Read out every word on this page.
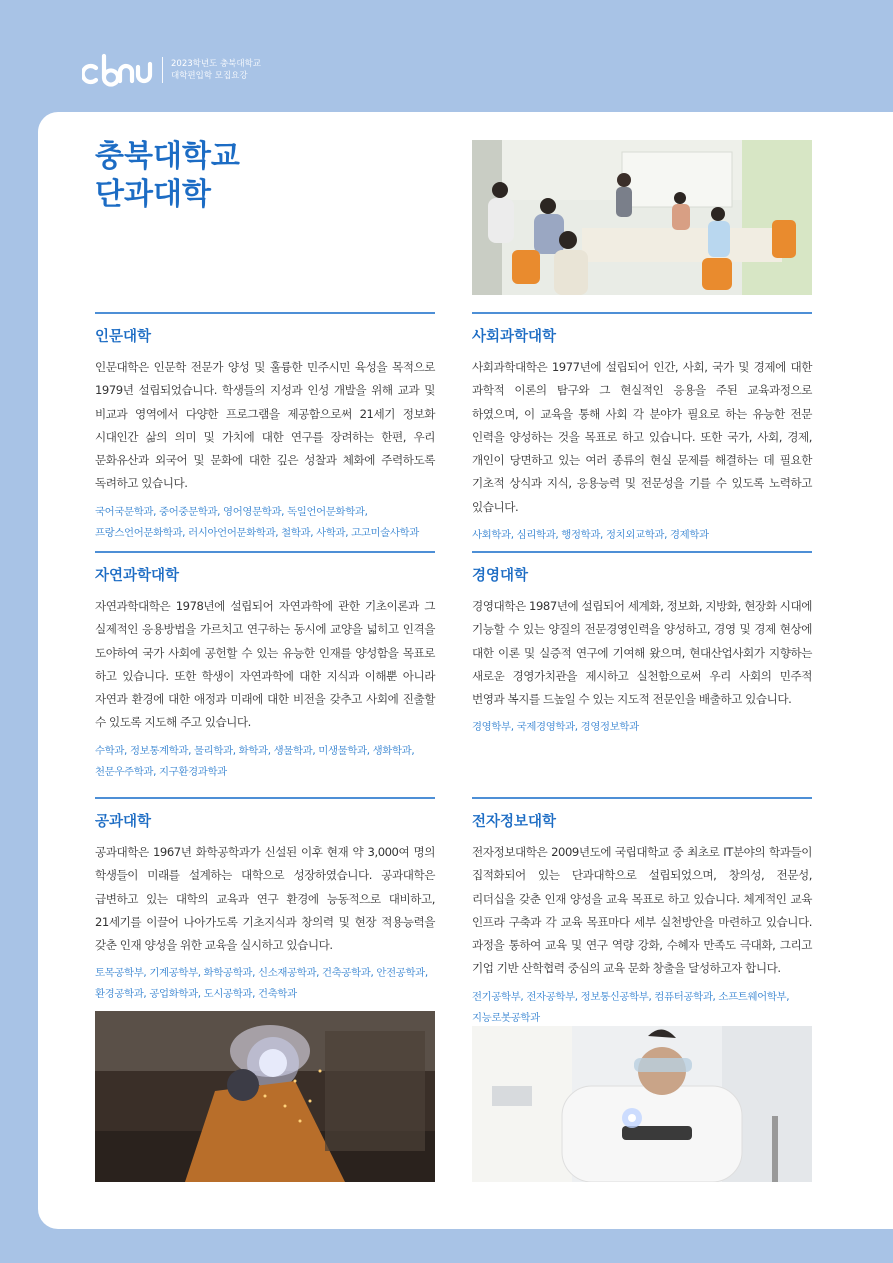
2023학년도 충북대학교
대학편입학 모집요강
충북대학교
단과대학
인문대학
인문대학은 인문학 전문가 양성 및 훌륭한 민주시민 육성을 목적으로 1979년 설립되었습니다. 학생들의 지성과 인성 개발을 위해 교과 및 비교과 영역에서 다양한 프로그램을 제공함으로써 21세기 정보화 시대인간 삶의 의미 및 가치에 대한 연구를 장려하는 한편, 우리 문화유산과 외국어 및 문화에 대한 깊은 성찰과 체화에 주력하도록 독려하고 있습니다.
국어국문학과, 중어중문학과, 영어영문학과, 독일언어문화학과,
프랑스언어문화학과, 러시아언어문화학과, 철학과, 사학과, 고고미술사학과
사회과학대학
사회과학대학은 1977년에 설립되어 인간, 사회, 국가 및 경제에 대한 과학적 이론의 탐구와 그 현실적인 응용을 주된 교육과정으로 하였으며, 이 교육을 통해 사회 각 분야가 필요로 하는 유능한 전문 인력을 양성하는 것을 목표로 하고 있습니다. 또한 국가, 사회, 경제, 개인이 당면하고 있는 여러 종류의 현실 문제를 해결하는 데 필요한 기초적 상식과 지식, 응용능력 및 전문성을 기를 수 있도록 노력하고 있습니다.
사회학과, 심리학과, 행정학과, 정치외교학과, 경제학과
자연과학대학
자연과학대학은 1978년에 설립되어 자연과학에 관한 기초이론과 그 실제적인 응용방법을 가르치고 연구하는 동시에 교양을 넓히고 인격을 도야하여 국가 사회에 공헌할 수 있는 유능한 인재를 양성함을 목표로 하고 있습니다. 또한 학생이 자연과학에 대한 지식과 이해뿐 아니라 자연과 환경에 대한 애정과 미래에 대한 비전을 갖추고 사회에 진출할 수 있도록 지도해 주고 있습니다.
수학과, 정보통계학과, 물리학과, 화학과, 생물학과, 미생물학과, 생화학과,
천문우주학과, 지구환경과학과
경영대학
경영대학은 1987년에 설립되어 세계화, 정보화, 지방화, 현장화 시대에 기능할 수 있는 양질의 전문경영인력을 양성하고, 경영 및 경제 현상에 대한 이론 및 실증적 연구에 기여해 왔으며, 현대산업사회가 지향하는 새로운 경영가치관을 제시하고 실천함으로써 우리 사회의 민주적 번영과 복지를 드높일 수 있는 지도적 전문인을 배출하고 있습니다.
경영학부, 국제경영학과, 경영정보학과
공과대학
공과대학은 1967년 화학공학과가 신설된 이후 현재 약 3,000여 명의 학생들이 미래를 설계하는 대학으로 성장하였습니다. 공과대학은 급변하고 있는 대학의 교육과 연구 환경에 능동적으로 대비하고, 21세기를 이끌어 나아가도록 기초지식과 창의력 및 현장 적용능력을 갖춘 인재 양성을 위한 교육을 실시하고 있습니다.
토목공학부, 기계공학부, 화학공학과, 신소재공학과, 건축공학과, 안전공학과,
환경공학과, 공업화학과, 도시공학과, 건축학과
전자정보대학
전자정보대학은 2009년도에 국립대학교 중 최초로 IT분야의 학과들이 집적화되어 있는 단과대학으로 설립되었으며, 창의성, 전문성, 리더십을 갖춘 인재 양성을 교육 목표로 하고 있습니다. 체계적인 교육 인프라 구축과 각 교육 목표마다 세부 실천방안을 마련하고 있습니다. 과정을 통하여 교육 및 연구 역량 강화, 수혜자 만족도 극대화, 그리고 기업 기반 산학협력 중심의 교육 문화 창출을 달성하고자 합니다.
전기공학부, 전자공학부, 정보통신공학부, 컴퓨터공학과, 소프트웨어학부,
지능로봇공학과
